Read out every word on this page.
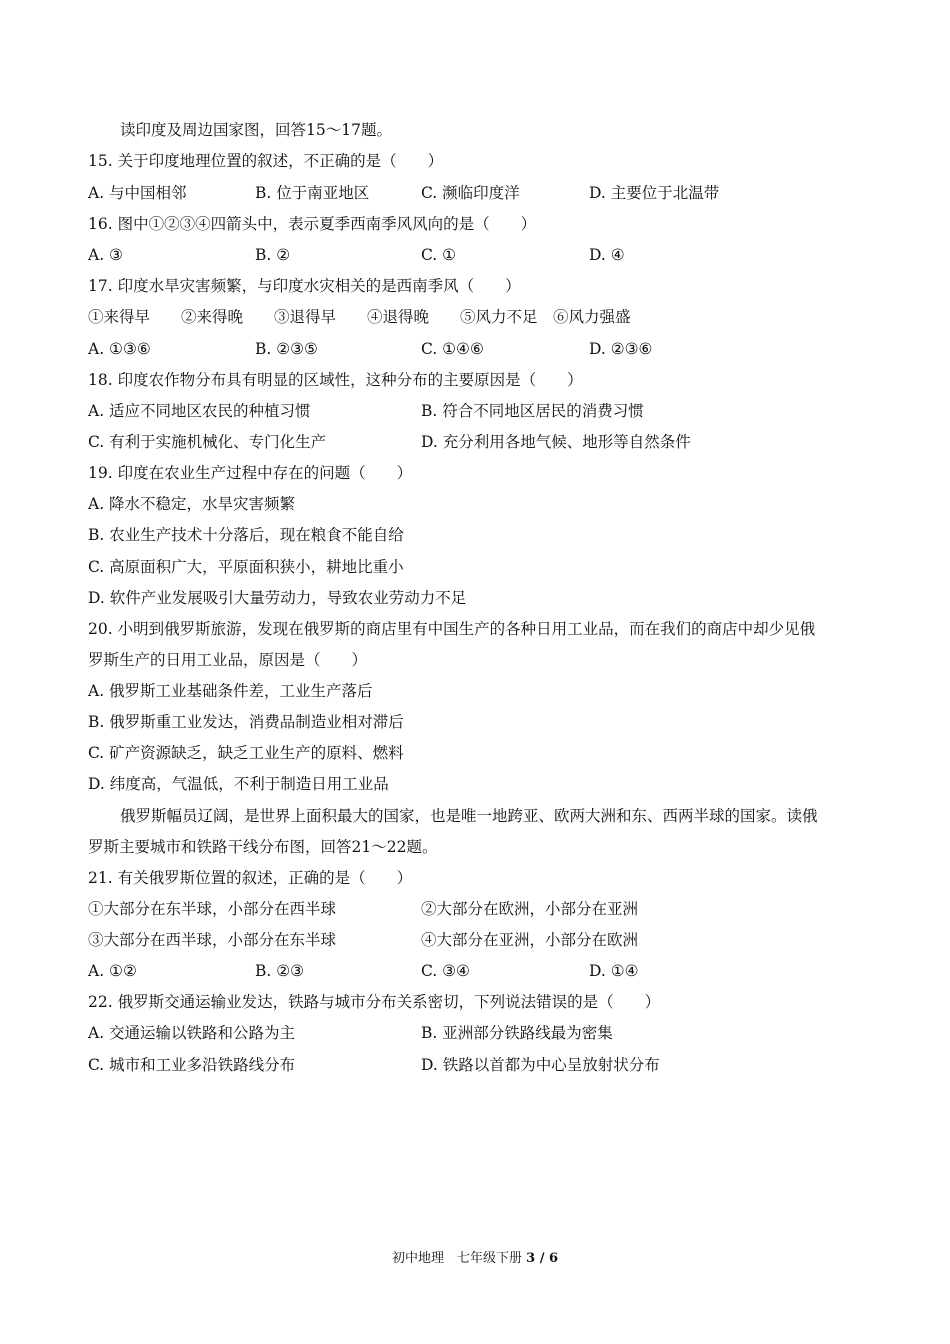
读印度及周边国家图，回答15～17题。
15. 关于印度地理位置的叙述，不正确的是（　　）
A. 与中国相邻	B. 位于南亚地区	C. 濒临印度洋	D. 主要位于北温带
16. 图中①②③④四箭头中，表示夏季西南季风风向的是（　　）
A. ③	B. ②	C. ①	D. ④
17. 印度水旱灾害频繁，与印度水灾相关的是西南季风（　　）
①来得早　　②来得晚　　③退得早　　④退得晚　　⑤风力不足　⑥风力强盛
A. ①③⑥	B. ②③⑤	C. ①④⑥	D. ②③⑥
18. 印度农作物分布具有明显的区域性，这种分布的主要原因是（　　）
A. 适应不同地区农民的种植习惯	B. 符合不同地区居民的消费习惯
C. 有利于实施机械化、专门化生产	D. 充分利用各地气候、地形等自然条件
19. 印度在农业生产过程中存在的问题（　　）
A. 降水不稳定，水旱灾害频繁
B. 农业生产技术十分落后，现在粮食不能自给
C. 高原面积广大，平原面积狭小，耕地比重小
D. 软件产业发展吸引大量劳动力，导致农业劳动力不足
20. 小明到俄罗斯旅游，发现在俄罗斯的商店里有中国生产的各种日用工业品，而在我们的商店中却少见俄
罗斯生产的日用工业品，原因是（　　）
A. 俄罗斯工业基础条件差，工业生产落后
B. 俄罗斯重工业发达，消费品制造业相对滞后
C. 矿产资源缺乏，缺乏工业生产的原料、燃料
D. 纬度高，气温低，不利于制造日用工业品
俄罗斯幅员辽阔，是世界上面积最大的国家，也是唯一地跨亚、欧两大洲和东、西两半球的国家。读俄
罗斯主要城市和铁路干线分布图，回答21～22题。
21. 有关俄罗斯位置的叙述，正确的是（　　）
①大部分在东半球，小部分在西半球	②大部分在欧洲，小部分在亚洲
③大部分在西半球，小部分在东半球	④大部分在亚洲，小部分在欧洲
A. ①②	B. ②③	C. ③④	D. ①④
22. 俄罗斯交通运输业发达，铁路与城市分布关系密切，下列说法错误的是（　　）
A. 交通运输以铁路和公路为主	B. 亚洲部分铁路线最为密集
C. 城市和工业多沿铁路线分布	D. 铁路以首都为中心呈放射状分布
初中地理　七年级下册 3 / 6
